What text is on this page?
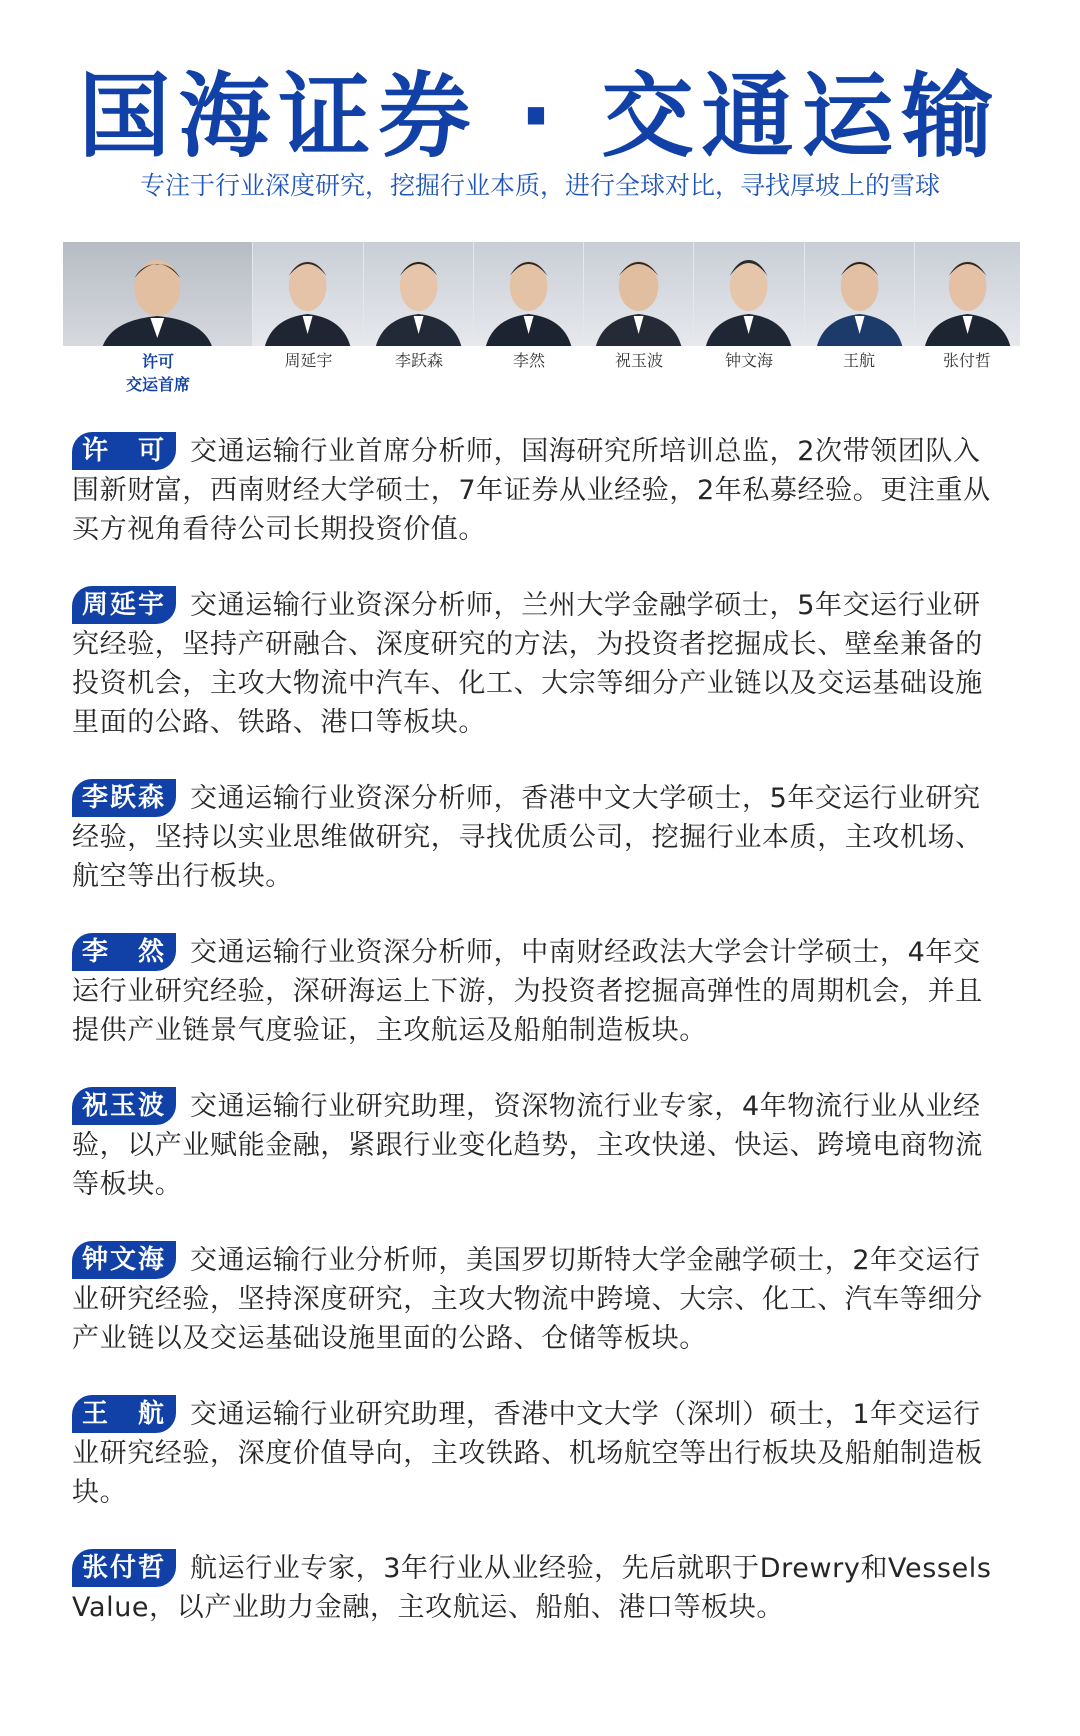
国海证券 · 交通运输
专注于行业深度研究，挖掘行业本质，进行全球对比，寻找厚坡上的雪球
许可
交运首席
周延宇	李跃森	李然	祝玉波	钟文海	王航	张付哲
许　可 交通运输行业首席分析师，国海研究所培训总监，2次带领团队入围新财富，西南财经大学硕士，7年证券从业经验，2年私募经验。更注重从买方视角看待公司长期投资价值。
周延宇 交通运输行业资深分析师，兰州大学金融学硕士，5年交运行业研究经验，坚持产研融合、深度研究的方法，为投资者挖掘成长、壁垒兼备的投资机会，主攻大物流中汽车、化工、大宗等细分产业链以及交运基础设施里面的公路、铁路、港口等板块。
李跃森 交通运输行业资深分析师，香港中文大学硕士，5年交运行业研究经验，坚持以实业思维做研究，寻找优质公司，挖掘行业本质，主攻机场、航空等出行板块。
李　然 交通运输行业资深分析师，中南财经政法大学会计学硕士，4年交运行业研究经验，深研海运上下游，为投资者挖掘高弹性的周期机会，并且提供产业链景气度验证，主攻航运及船舶制造板块。
祝玉波 交通运输行业研究助理，资深物流行业专家，4年物流行业从业经验，以产业赋能金融，紧跟行业变化趋势，主攻快递、快运、跨境电商物流等板块。
钟文海 交通运输行业分析师，美国罗切斯特大学金融学硕士，2年交运行业研究经验，坚持深度研究，主攻大物流中跨境、大宗、化工、汽车等细分产业链以及交运基础设施里面的公路、仓储等板块。
王　航 交通运输行业研究助理，香港中文大学（深圳）硕士，1年交运行业研究经验，深度价值导向，主攻铁路、机场航空等出行板块及船舶制造板块。
张付哲 航运行业专家，3年行业从业经验，先后就职于Drewry和VesselsValue，以产业助力金融，主攻航运、船舶、港口等板块。
